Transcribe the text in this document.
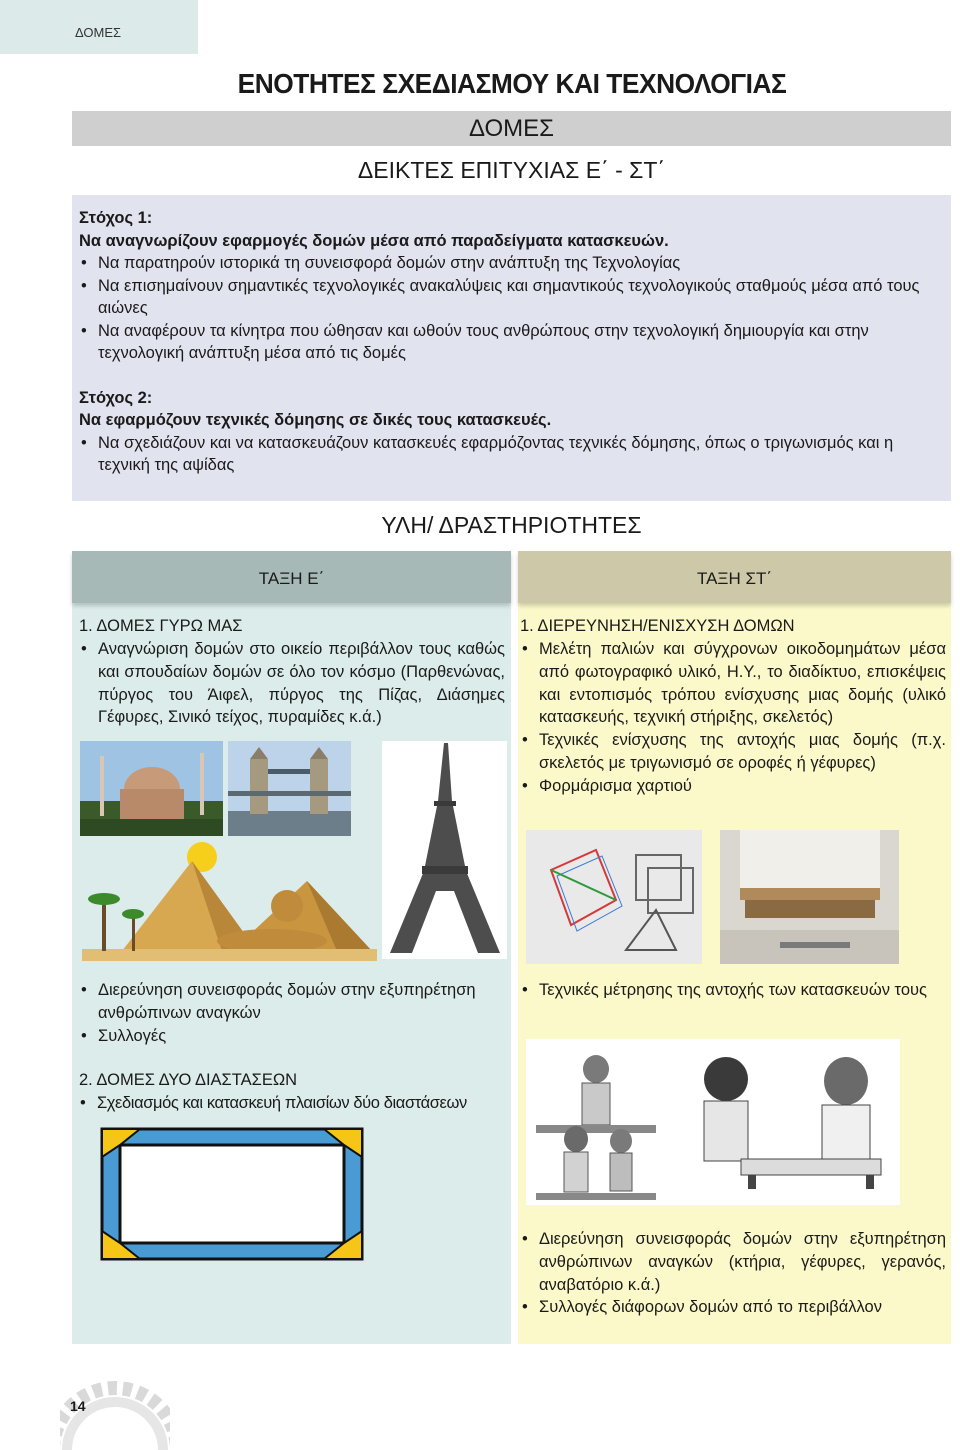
ΔΟΜΕΣ
ΕΝΟΤΗΤΕΣ ΣΧΕΔΙΑΣΜΟΥ ΚΑΙ ΤΕΧΝΟΛΟΓΙΑΣ
ΔΟΜΕΣ
ΔΕΙΚΤΕΣ ΕΠΙΤΥΧΙΑΣ Ε΄ - ΣΤ΄
Στόχος 1:
Να αναγνωρίζουν εφαρμογές δομών μέσα από παραδείγματα κατασκευών.
• Να παρατηρούν ιστορικά τη συνεισφορά δομών στην ανάπτυξη της Τεχνολογίας
• Να επισημαίνουν σημαντικές τεχνολογικές ανακαλύψεις και σημαντικούς τεχνολογικούς σταθμούς μέσα από τους αιώνες
• Να αναφέρουν τα κίνητρα που ώθησαν και ωθούν τους ανθρώπους στην τεχνολογική δημιουργία και στην τεχνολογική ανάπτυξη μέσα από τις δομές
Στόχος 2:
Να εφαρμόζουν τεχνικές δόμησης σε δικές τους κατασκευές.
• Να σχεδιάζουν και να κατασκευάζουν κατασκευές εφαρμόζοντας τεχνικές δόμησης, όπως ο τριγωνισμός και η τεχνική της αψίδας
ΥΛΗ/ ΔΡΑΣΤΗΡΙΟΤΗΤΕΣ
ΤΑΞΗ Ε΄
1. ΔΟΜΕΣ ΓΥΡΩ ΜΑΣ
• Αναγνώριση δομών στο οικείο περιβάλλον τους καθώς και σπουδαίων δομών σε όλο τον κόσμο (Παρθενώνας, πύργος του Άιφελ, πύργος της Πίζας, Διάσημες Γέφυρες, Σινικό τείχος, πυραμίδες κ.ά.)
• Διερεύνηση συνεισφοράς δομών στην εξυπηρέτηση ανθρώπινων αναγκών
• Συλλογές
2. ΔΟΜΕΣ ΔΥΟ ΔΙΑΣΤΑΣΕΩΝ
• Σχεδιασμός και κατασκευή πλαισίων δύο διαστάσεων
ΤΑΞΗ ΣΤ΄
1. ΔΙΕΡΕΥΝΗΣΗ/ΕΝΙΣΧΥΣΗ ΔΟΜΩΝ
• Μελέτη παλιών και σύγχρονων οικοδομημάτων μέσα από φωτογραφικό υλικό, Η.Υ., το διαδίκτυο, επισκέψεις και εντοπισμός τρόπου ενίσχυσης μιας δομής (υλικό κατασκευής, τεχνική στήριξης, σκελετός)
• Τεχνικές ενίσχυσης της αντοχής μιας δομής (π.χ. σκελετός με τριγωνισμό σε οροφές ή γέφυρες)
• Φορμάρισμα χαρτιού
• Τεχνικές μέτρησης της αντοχής των κατασκευών τους
• Διερεύνηση συνεισφοράς δομών στην εξυπηρέτηση ανθρώπινων αναγκών (κτήρια, γέφυρες, γερανός, αναβατόριο κ.ά.)
• Συλλογές διάφορων δομών από το περιβάλλον
14
